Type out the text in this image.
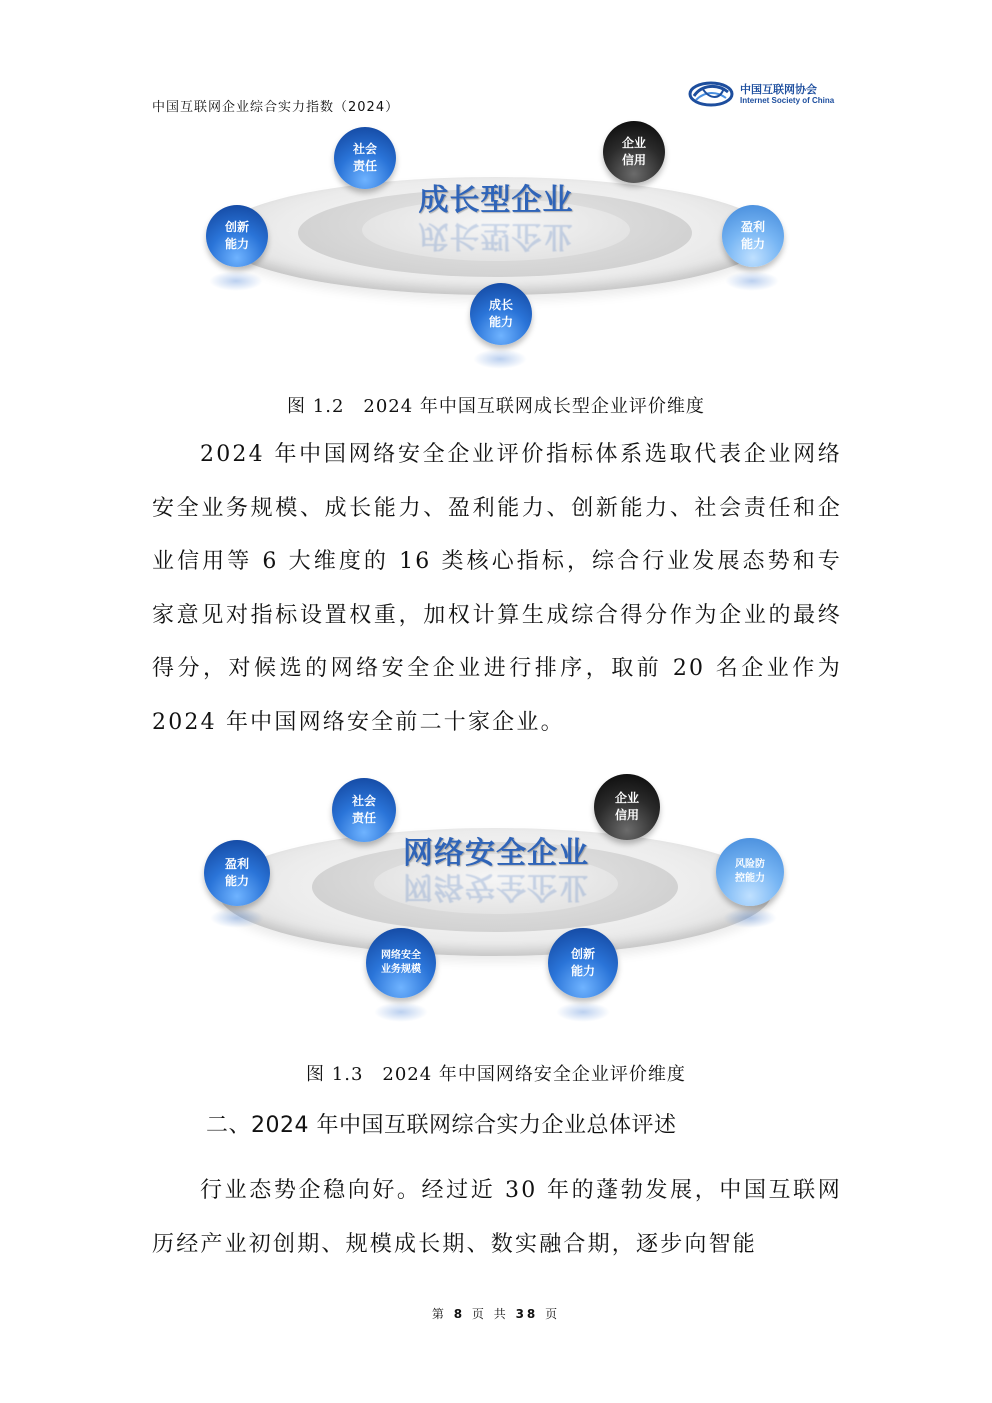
中国互联网企业综合实力指数（2024）
中国互联网协会
Internet Society of China
成长型企业
成长型企业
社会
责任
企业
信用
创新
能力
盈利
能力
成长
能力
图 1.2　2024 年中国互联网成长型企业评价维度
2024 年中国网络安全企业评价指标体系选取代表企业网络安全业务规模、成长能力、盈利能力、创新能力、社会责任和企业信用等 6 大维度的 16 类核心指标，综合行业发展态势和专家意见对指标设置权重，加权计算生成综合得分作为企业的最终得分，对候选的网络安全企业进行排序，取前 20 名企业作为 2024 年中国网络安全前二十家企业。
网络安全企业
网络安全企业
社会
责任
企业
信用
盈利
能力
风险防
控能力
网络安全
业务规模
创新
能力
图 1.3　2024 年中国网络安全企业评价维度
二、2024 年中国互联网综合实力企业总体评述
行业态势企稳向好。经过近 30 年的蓬勃发展，中国互联网历经产业初创期、规模成长期、数实融合期，逐步向智能
第 8 页 共 38 页
